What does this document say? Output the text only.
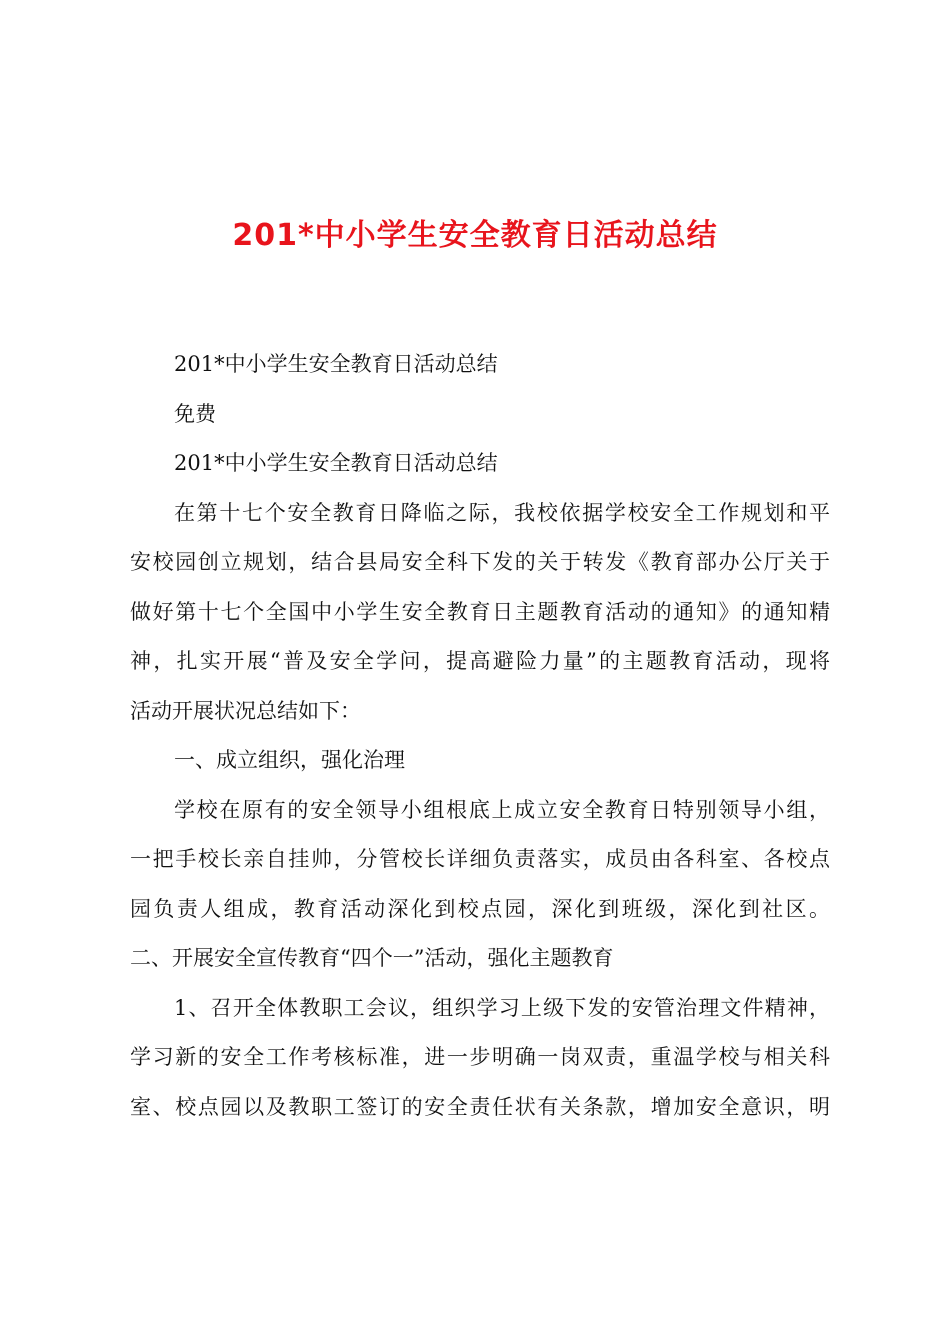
201*中小学生安全教育日活动总结
201*中小学生安全教育日活动总结
免费
201*中小学生安全教育日活动总结
在第十七个安全教育日降临之际，我校依据学校安全工作规划和平
安校园创立规划，结合县局安全科下发的关于转发《教育部办公厅关于
做好第十七个全国中小学生安全教育日主题教育活动的通知》的通知精
神，扎实开展“普及安全学问，提高避险力量”的主题教育活动，现将
活动开展状况总结如下：
一、成立组织，强化治理
学校在原有的安全领导小组根底上成立安全教育日特别领导小组，
一把手校长亲自挂帅，分管校长详细负责落实，成员由各科室、各校点
园负责人组成，教育活动深化到校点园，深化到班级，深化到社区。
二、开展安全宣传教育“四个一”活动，强化主题教育
1、召开全体教职工会议，组织学习上级下发的安管治理文件精神，
学习新的安全工作考核标准，进一步明确一岗双责，重温学校与相关科
室、校点园以及教职工签订的安全责任状有关条款，增加安全意识，明
